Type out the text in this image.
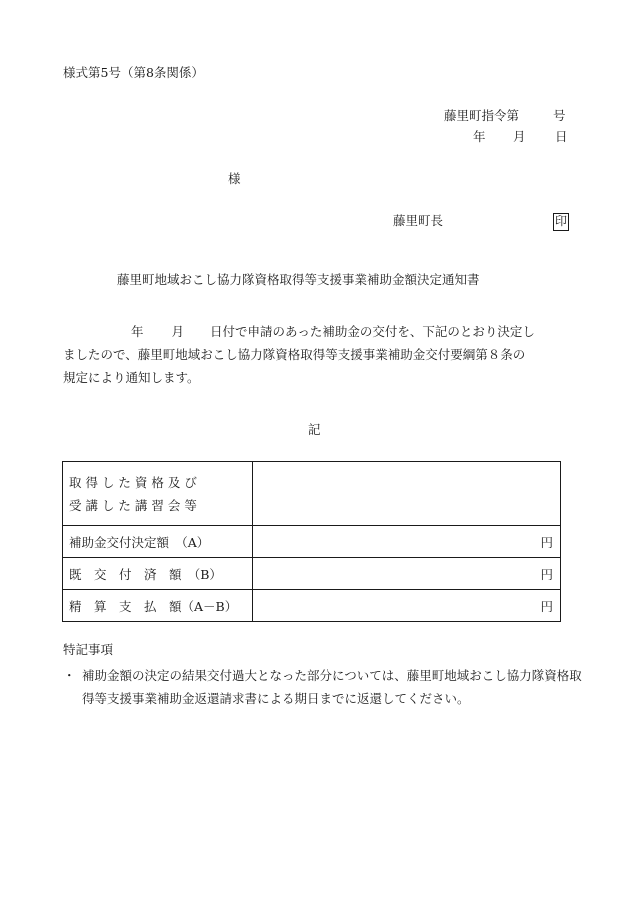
様式第5号（第8条関係）
藤里町指令第	号
年 月 日
様
藤里町長	印
藤里町地域おこし協力隊資格取得等支援事業補助金額決定通知書
年 月 日付で申請のあった補助金の交付を、下記のとおり決定し
ましたので、藤里町地域おこし協力隊資格取得等支援事業補助金交付要綱第８条の
規定により通知します。
記
取 得 し た 資 格 及 び
受 講 し た 講 習 会 等	

補助金交付決定額　（A）	円
既　交　付　済　額　（B）	円
精　算　支　払　額（A－B）	円
特記事項
・ 補助金額の決定の結果交付過大となった部分については、藤里町地域おこし協力隊資格取得等支援事業補助金返還請求書による期日までに返還してください。
